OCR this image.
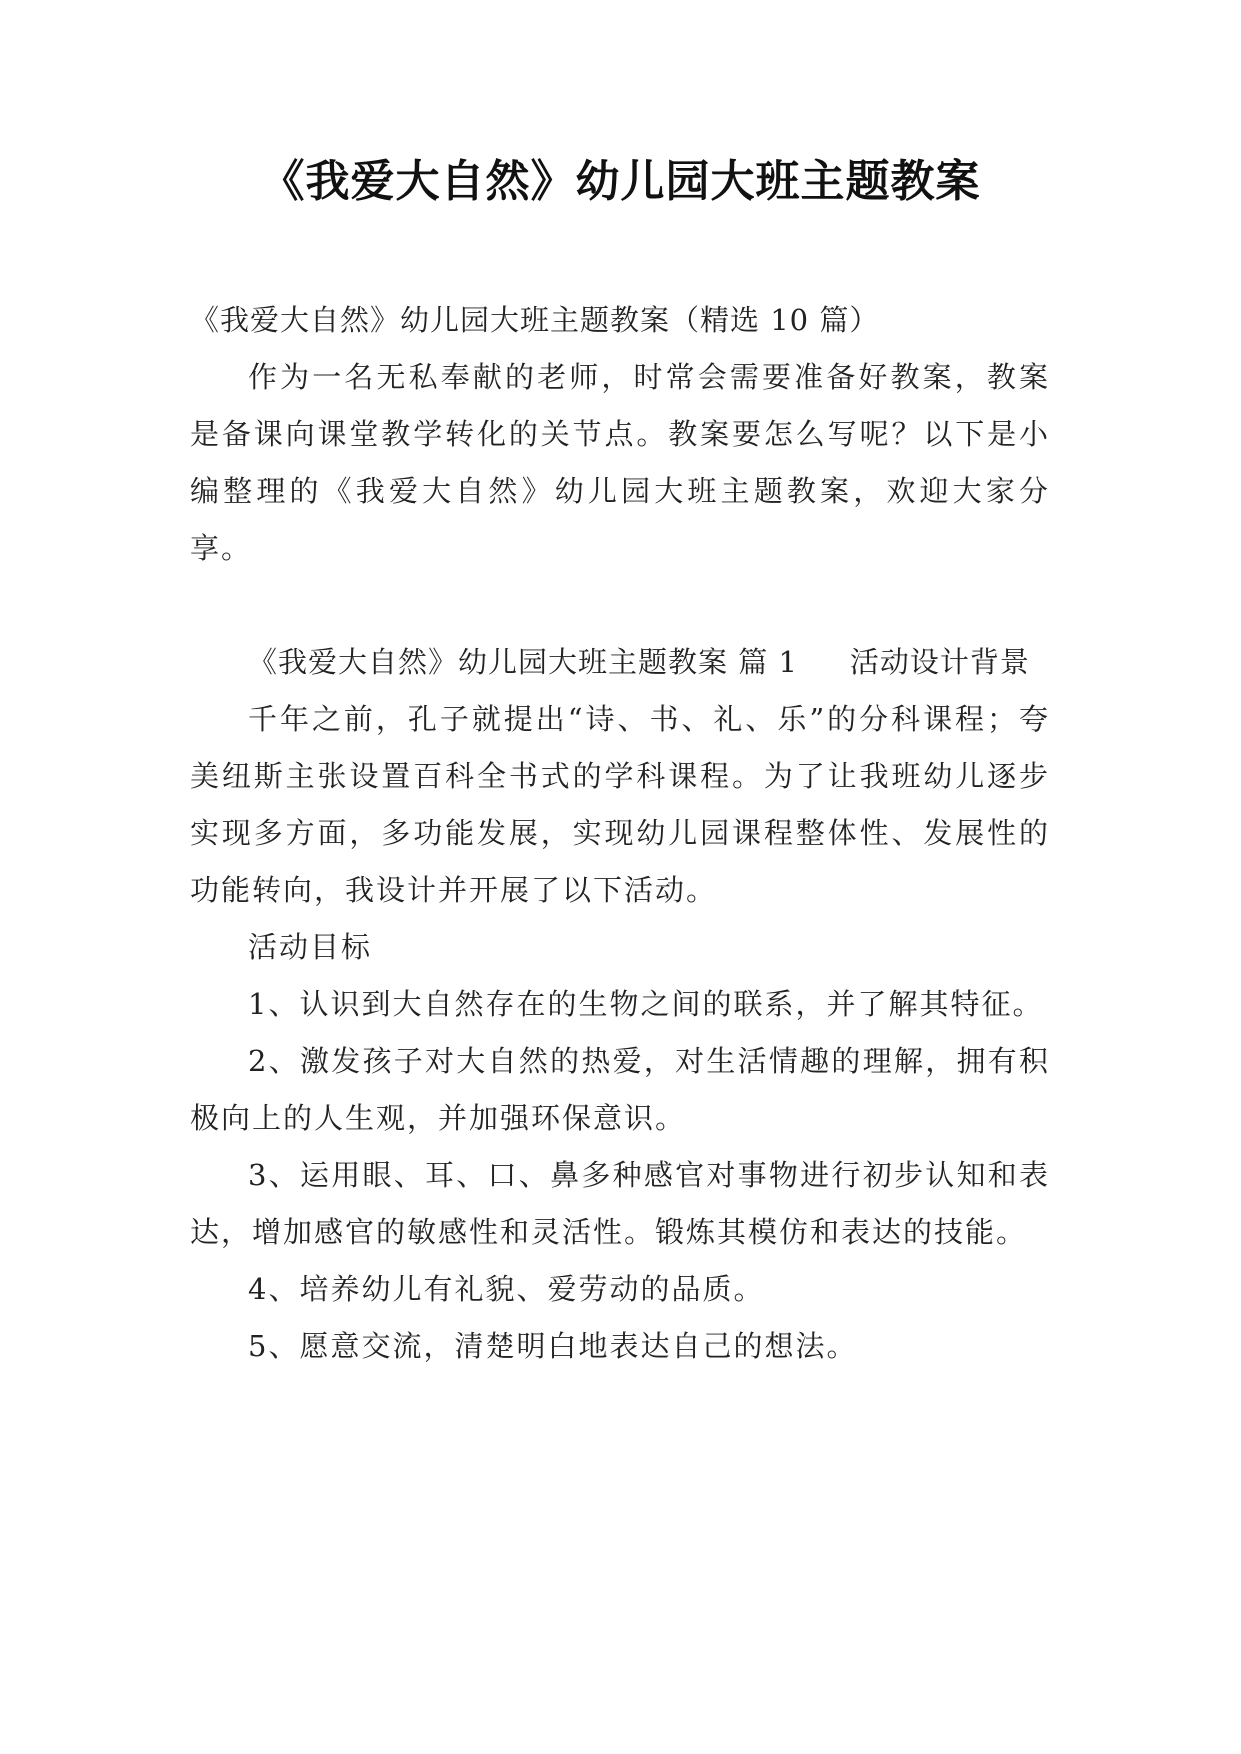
《我爱大自然》幼儿园大班主题教案

《我爱大自然》幼儿园大班主题教案（精选 10 篇）

作为一名无私奉献的老师，时常会需要准备好教案，教案是备课向课堂教学转化的关节点。教案要怎么写呢？以下是小编整理的《我爱大自然》幼儿园大班主题教案，欢迎大家分享。

《我爱大自然》幼儿园大班主题教案 篇 1 活动设计背景

千年之前，孔子就提出“诗、书、礼、乐”的分科课程；夸美纽斯主张设置百科全书式的学科课程。为了让我班幼儿逐步实现多方面，多功能发展，实现幼儿园课程整体性、发展性的功能转向，我设计并开展了以下活动。

活动目标

1、认识到大自然存在的生物之间的联系，并了解其特征。

2、激发孩子对大自然的热爱，对生活情趣的理解，拥有积极向上的人生观，并加强环保意识。

3、运用眼、耳、口、鼻多种感官对事物进行初步认知和表达，增加感官的敏感性和灵活性。锻炼其模仿和表达的技能。

4、培养幼儿有礼貌、爱劳动的品质。

5、愿意交流，清楚明白地表达自己的想法。
